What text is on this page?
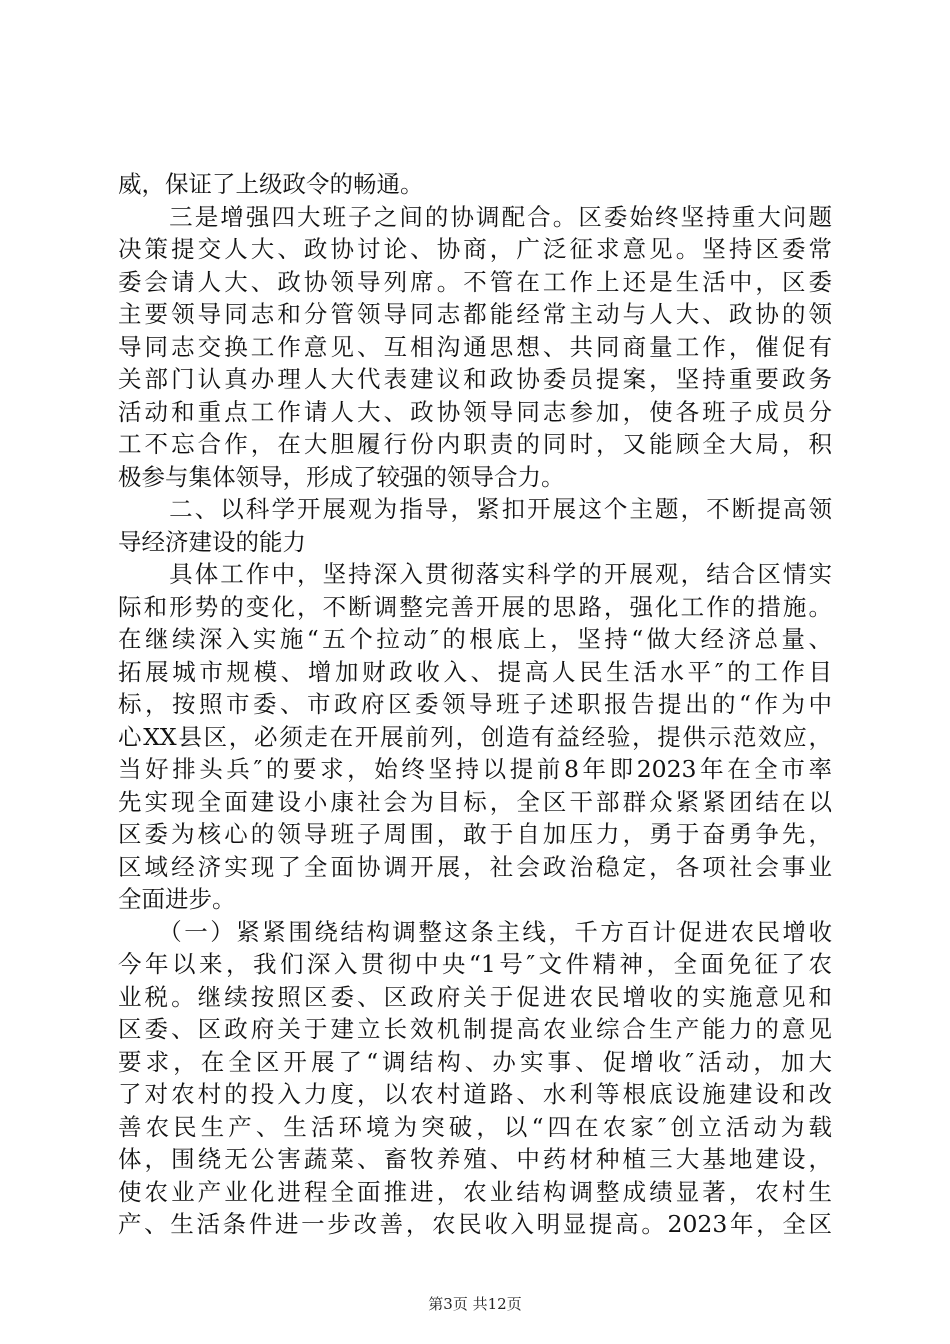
威，保证了上级政令的畅通。
　　三是增强四大班子之间的协调配合。区委始终坚持重大问题
决策提交人大、政协讨论、协商，广泛征求意见。坚持区委常
委会请人大、政协领导列席。不管在工作上还是生活中，区委
主要领导同志和分管领导同志都能经常主动与人大、政协的领
导同志交换工作意见、互相沟通思想、共同商量工作，催促有
关部门认真办理人大代表建议和政协委员提案，坚持重要政务
活动和重点工作请人大、政协领导同志参加，使各班子成员分
工不忘合作，在大胆履行份内职责的同时，又能顾全大局，积
极参与集体领导，形成了较强的领导合力。
　　二、以科学开展观为指导，紧扣开展这个主题，不断提高领
导经济建设的能力
　　具体工作中，坚持深入贯彻落实科学的开展观，结合区情实
际和形势的变化，不断调整完善开展的思路，强化工作的措施。
在继续深入实施“五个拉动″的根底上，坚持“做大经济总量、
拓展城市规模、增加财政收入、提高人民生活水平″的工作目
标，按照市委、市政府区委领导班子述职报告提出的“作为中
心XX县区，必须走在开展前列，创造有益经验，提供示范效应，
当好排头兵″的要求，始终坚持以提前8年即2023年在全市率
先实现全面建设小康社会为目标，全区干部群众紧紧团结在以
区委为核心的领导班子周围，敢于自加压力，勇于奋勇争先，
区域经济实现了全面协调开展，社会政治稳定，各项社会事业
全面进步。
　　（一）紧紧围绕结构调整这条主线，千方百计促进农民增收
今年以来，我们深入贯彻中央“1号″文件精神，全面免征了农
业税。继续按照区委、区政府关于促进农民增收的实施意见和
区委、区政府关于建立长效机制提高农业综合生产能力的意见
要求，在全区开展了“调结构、办实事、促增收″活动，加大
了对农村的投入力度，以农村道路、水利等根底设施建设和改
善农民生产、生活环境为突破，以“四在农家″创立活动为载
体，围绕无公害蔬菜、畜牧养殖、中药材种植三大基地建设，
使农业产业化进程全面推进，农业结构调整成绩显著，农村生
产、生活条件进一步改善，农民收入明显提高。2023年，全区
第3页 共12页
